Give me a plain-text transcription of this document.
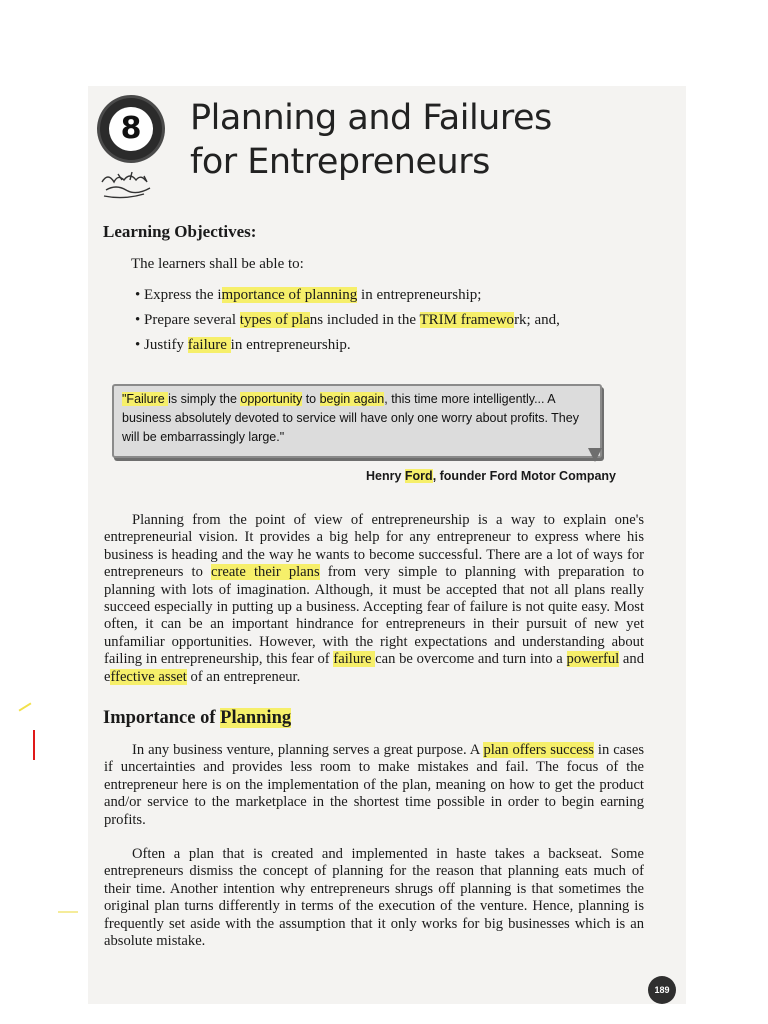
8	Planning and Failures
for Entrepreneurs
Learning Objectives:
The learners shall be able to:
• Express the importance of planning in entrepreneurship;
• Prepare several types of plans included in the TRIM framework; and,
• Justify failure in entrepreneurship.
"Failure is simply the opportunity to begin again, this time more intelligently... A business absolutely devoted to service will have only one worry about profits. They will be embarrassingly large."
Henry Ford, founder Ford Motor Company

Planning from the point of view of entrepreneurship is a way to explain one's entrepreneurial vision. It provides a big help for any entrepreneur to express where his business is heading and the way he wants to become successful. There are a lot of ways for entrepreneurs to create their plans from very simple to planning with preparation to planning with lots of imagination. Although, it must be accepted that not all plans really succeed especially in putting up a business. Accepting fear of failure is not quite easy. Most often, it can be an important hindrance for entrepreneurs in their pursuit of new yet unfamiliar opportunities. However, with the right expectations and understanding about failing in entrepreneurship, this fear of failure can be overcome and turn into a powerful and effective asset of an entrepreneur.

Importance of Planning

In any business venture, planning serves a great purpose. A plan offers success in cases if uncertainties and provides less room to make mistakes and fail. The focus of the entrepreneur here is on the implementation of the plan, meaning on how to get the product and/or service to the marketplace in the shortest time possible in order to begin earning profits.

Often a plan that is created and implemented in haste takes a backseat. Some entrepreneurs dismiss the concept of planning for the reason that planning eats much of their time. Another intention why entrepreneurs shrugs off planning is that sometimes the original plan turns differently in terms of the execution of the venture. Hence, planning is frequently set aside with the assumption that it only works for big businesses which is an absolute mistake.

189
